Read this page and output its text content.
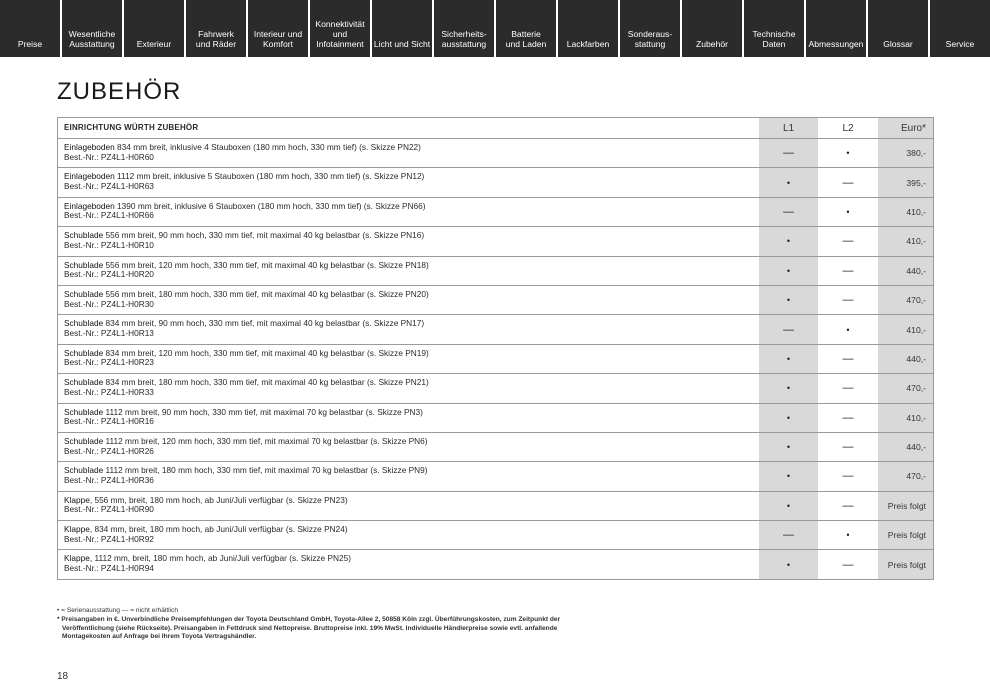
Preise
Wesentliche
Ausstattung	Exterieur
Fahrwerk
und Räder
Interieur und
Komfort
Konnektivität
und
Infotainment Licht und Sicht
Sicherheits-
ausstattung
Batterie
und Laden Lackfarben
Sonderaus-
stattung	Zubehör
Technische
Daten	Abmessungen Glossar	Service
ZUBEHÖR
EINRICHTUNG WÜRTH ZUBEHÖR	L1	L2	Euro*
Einlageboden 834 mm breit, inklusive 4 Stauboxen (180 mm hoch, 330 mm tief) (s. Skizze PN22)
Best.-Nr.: PZ4L1-H0R60	—	•	380,-
Einlageboden 1112 mm breit, inklusive 5 Stauboxen (180 mm hoch, 330 mm tief) (s. Skizze PN12)
Best.-Nr.: PZ4L1-H0R63	•	—	395,-
Einlageboden 1390 mm breit, inklusive 6 Stauboxen (180 mm hoch, 330 mm tief) (s. Skizze PN66)
Best.-Nr.: PZ4L1-H0R66	—	•	410,-
Schublade 556 mm breit, 90 mm hoch, 330 mm tief, mit maximal 40 kg belastbar (s. Skizze PN16)
Best.-Nr.: PZ4L1-H0R10	•	—	410,-
Schublade 556 mm breit, 120 mm hoch, 330 mm tief, mit maximal 40 kg belastbar (s. Skizze PN18)
Best.-Nr.: PZ4L1-H0R20	•	—	440,-
Schublade 556 mm breit, 180 mm hoch, 330 mm tief, mit maximal 40 kg belastbar (s. Skizze PN20)
Best.-Nr.: PZ4L1-H0R30	•	—	470,-
Schublade 834 mm breit, 90 mm hoch, 330 mm tief, mit maximal 40 kg belastbar (s. Skizze PN17)
Best.-Nr.: PZ4L1-H0R13	—	•	410,-
Schublade 834 mm breit, 120 mm hoch, 330 mm tief, mit maximal 40 kg belastbar (s. Skizze PN19)
Best.-Nr.: PZ4L1-H0R23	•	—	440,-
Schublade 834 mm breit, 180 mm hoch, 330 mm tief, mit maximal 40 kg belastbar (s. Skizze PN21)
Best.-Nr.: PZ4L1-H0R33	•	—	470,-
Schublade 1112 mm breit, 90 mm hoch, 330 mm tief, mit maximal 70 kg belastbar (s. Skizze PN3)
Best.-Nr.: PZ4L1-H0R16	•	—	410,-
Schublade 1112 mm breit, 120 mm hoch, 330 mm tief, mit maximal 70 kg belastbar (s. Skizze PN6)
Best.-Nr.: PZ4L1-H0R26	•	—	440,-
Schublade 1112 mm breit, 180 mm hoch, 330 mm tief, mit maximal 70 kg belastbar (s. Skizze PN9)
Best.-Nr.: PZ4L1-H0R36	•	—	470,-
Klappe, 556 mm, breit, 180 mm hoch, ab Juni/Juli verfügbar (s. Skizze PN23)
Best.-Nr.: PZ4L1-H0R90	•	—	Preis folgt
Klappe, 834 mm, breit, 180 mm hoch, ab Juni/Juli verfügbar (s. Skizze PN24)
Best.-Nr.: PZ4L1-H0R92	—	•	Preis folgt
Klappe, 1112 mm, breit, 180 mm hoch, ab Juni/Juli verfügbar (s. Skizze PN25)
Best.-Nr.: PZ4L1-H0R94	•	—	Preis folgt
• = Serienausstattung — = nicht erhältlich
* Preisangaben in €. Unverbindliche Preisempfehlungen der Toyota Deutschland GmbH, Toyota-Allee 2, 50858 Köln zzgl. Überführungskosten, zum Zeitpunkt der Veröffentlichung (siehe Rückseite). Preisangaben in Fettdruck sind Nettopreise. Bruttopreise inkl. 19% MwSt. Individuelle Händlerpreise sowie evtl. anfallende Montagekosten auf Anfrage bei Ihrem Toyota Vertragshändler.
18
